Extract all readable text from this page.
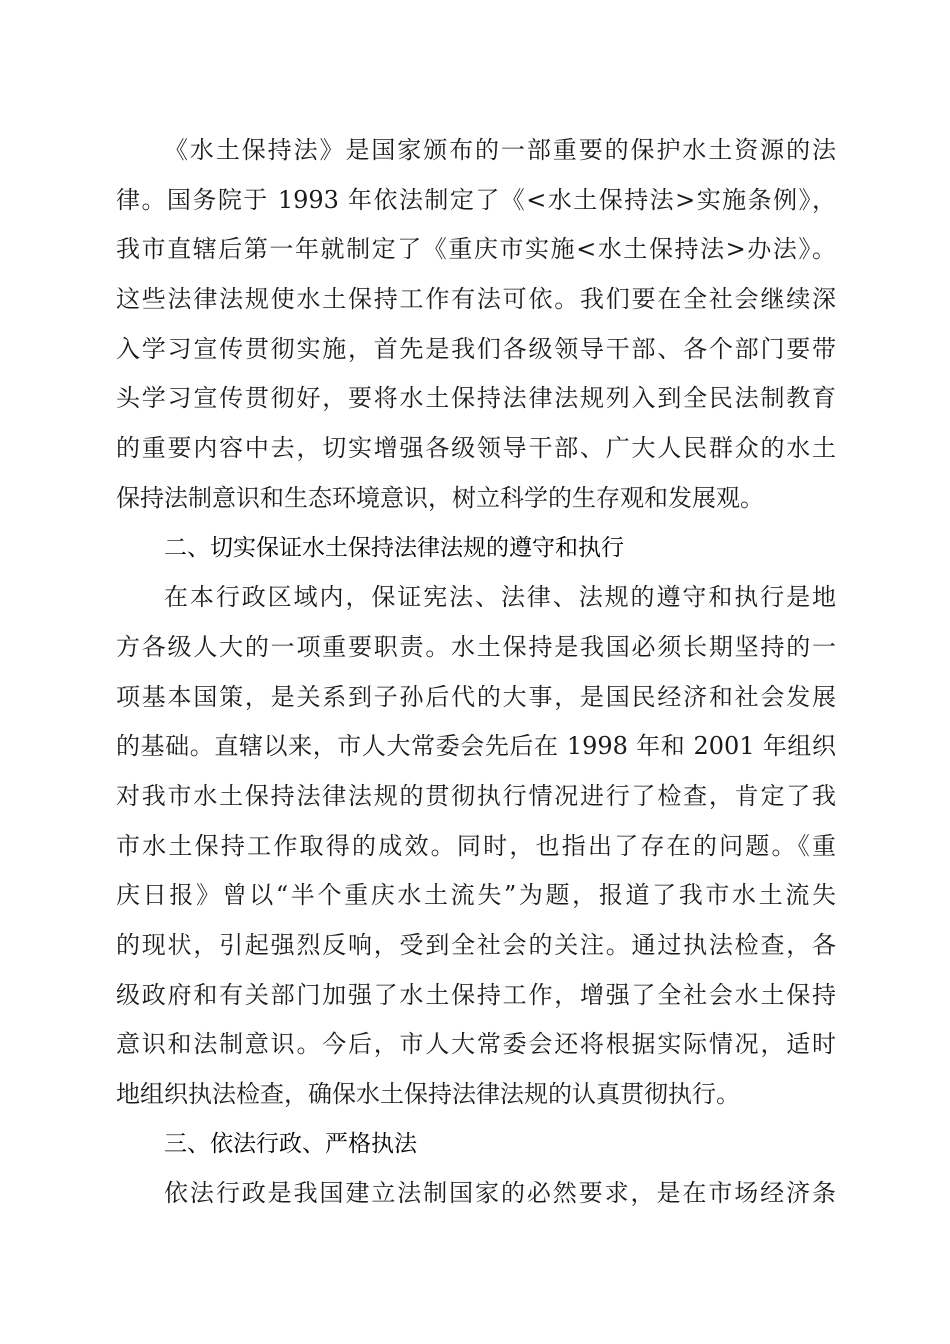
《水土保持法》是国家颁布的一部重要的保护水土资源的法
律。国务院于 1993 年依法制定了《<水土保持法>实施条例》，
我市直辖后第一年就制定了《重庆市实施<水土保持法>办法》。
这些法律法规使水土保持工作有法可依。我们要在全社会继续深
入学习宣传贯彻实施，首先是我们各级领导干部、各个部门要带
头学习宣传贯彻好，要将水土保持法律法规列入到全民法制教育
的重要内容中去，切实增强各级领导干部、广大人民群众的水土
保持法制意识和生态环境意识，树立科学的生存观和发展观。
二、切实保证水土保持法律法规的遵守和执行
在本行政区域内，保证宪法、法律、法规的遵守和执行是地
方各级人大的一项重要职责。水土保持是我国必须长期坚持的一
项基本国策，是关系到子孙后代的大事，是国民经济和社会发展
的基础。直辖以来，市人大常委会先后在 1998 年和 2001 年组织
对我市水土保持法律法规的贯彻执行情况进行了检查，肯定了我
市水土保持工作取得的成效。同时，也指出了存在的问题。《重
庆日报》曾以“半个重庆水土流失”为题，报道了我市水土流失
的现状，引起强烈反响，受到全社会的关注。通过执法检查，各
级政府和有关部门加强了水土保持工作，增强了全社会水土保持
意识和法制意识。今后，市人大常委会还将根据实际情况，适时
地组织执法检查，确保水土保持法律法规的认真贯彻执行。
三、依法行政、严格执法
依法行政是我国建立法制国家的必然要求，是在市场经济条
